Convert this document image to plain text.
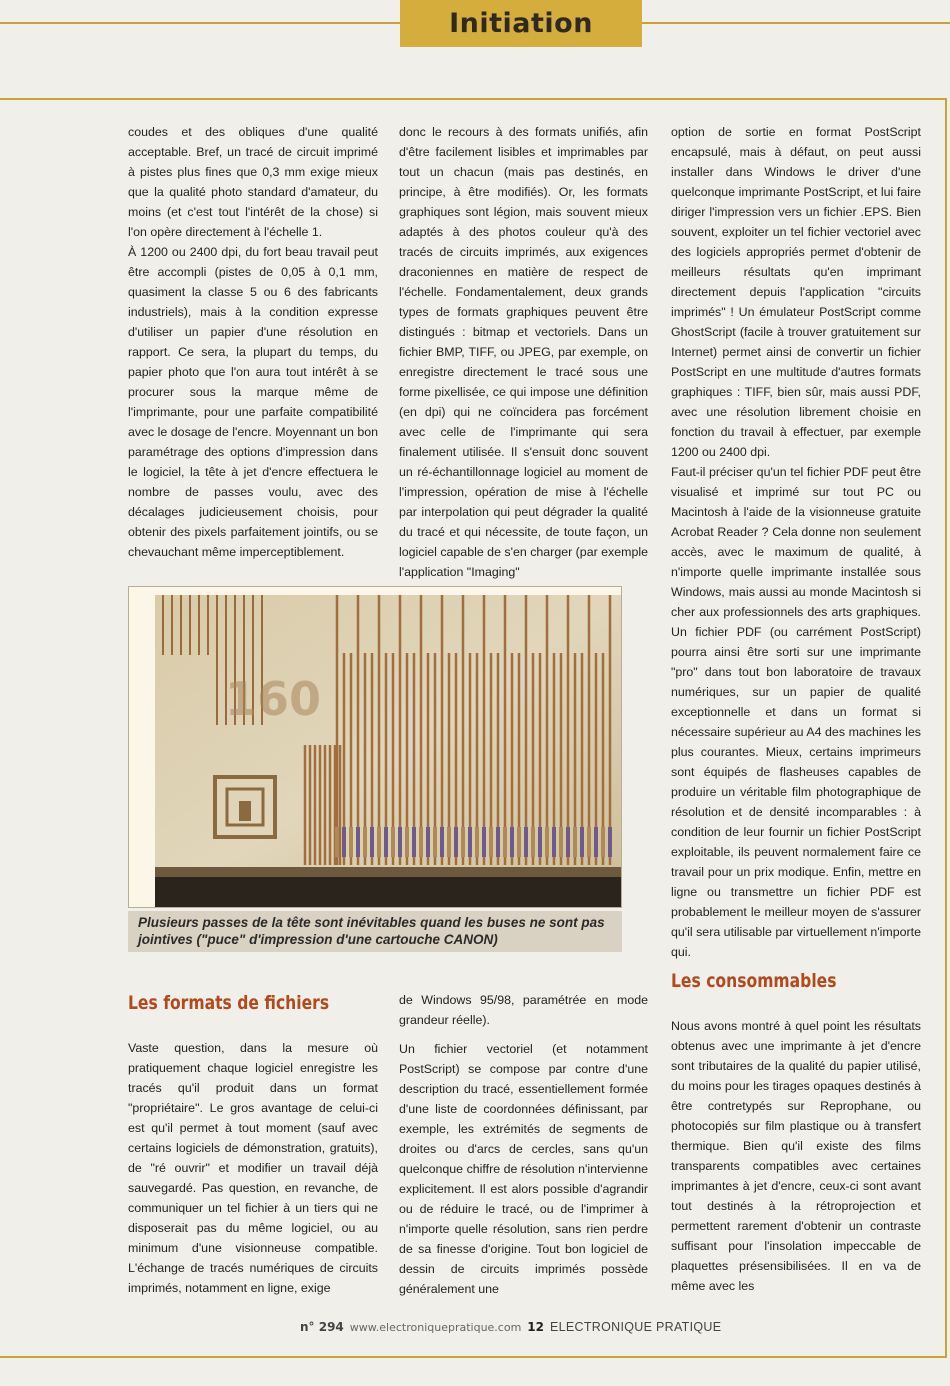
Initiation

coudes et des obliques d'une qualité acceptable. Bref, un tracé de circuit imprimé à pistes plus fines que 0,3 mm exige mieux que la qualité photo standard d'amateur, du moins (et c'est tout l'intérêt de la chose) si l'on opère directement à l'échelle 1.

À 1200 ou 2400 dpi, du fort beau travail peut être accompli (pistes de 0,05 à 0,1 mm, quasiment la classe 5 ou 6 des fabricants industriels), mais à la condition expresse d'utiliser un papier d'une résolution en rapport. Ce sera, la plupart du temps, du papier photo que l'on aura tout intérêt à se procurer sous la marque même de l'imprimante, pour une parfaite compatibilité avec le dosage de l'encre. Moyennant un bon paramétrage des options d'impression dans le logiciel, la tête à jet d'encre effectuera le nombre de passes voulu, avec des décalages judicieusement choisis, pour obtenir des pixels parfaitement jointifs, ou se chevauchant même imperceptiblement.

donc le recours à des formats unifiés, afin d'être facilement lisibles et imprimables par tout un chacun (mais pas destinés, en principe, à être modifiés). Or, les formats graphiques sont légion, mais souvent mieux adaptés à des photos couleur qu'à des tracés de circuits imprimés, aux exigences draconiennes en matière de respect de l'échelle. Fondamentalement, deux grands types de formats graphiques peuvent être distingués : bitmap et vectoriels. Dans un fichier BMP, TIFF, ou JPEG, par exemple, on enregistre directement le tracé sous une forme pixellisée, ce qui impose une définition (en dpi) qui ne coïncidera pas forcément avec celle de l'imprimante qui sera finalement utilisée. Il s'ensuit donc souvent un ré-échantillonnage logiciel au moment de l'impression, opération de mise à l'échelle par interpolation qui peut dégrader la qualité du tracé et qui nécessite, de toute façon, un logiciel capable de s'en charger (par exemple l'application "Imaging"

option de sortie en format PostScript encapsulé, mais à défaut, on peut aussi installer dans Windows le driver d'une quelconque imprimante PostScript, et lui faire diriger l'impression vers un fichier .EPS. Bien souvent, exploiter un tel fichier vectoriel avec des logiciels appropriés permet d'obtenir de meilleurs résultats qu'en imprimant directement depuis l'application "circuits imprimés" ! Un émulateur PostScript comme GhostScript (facile à trouver gratuitement sur Internet) permet ainsi de convertir un fichier PostScript en une multitude d'autres formats graphiques : TIFF, bien sûr, mais aussi PDF, avec une résolution librement choisie en fonction du travail à effectuer, par exemple 1200 ou 2400 dpi.

Faut-il préciser qu'un tel fichier PDF peut être visualisé et imprimé sur tout PC ou Macintosh à l'aide de la visionneuse gratuite Acrobat Reader ? Cela donne non seulement accès, avec le maximum de qualité, à n'importe quelle imprimante installée sous Windows, mais aussi au monde Macintosh si cher aux professionnels des arts graphiques. Un fichier PDF (ou carrément PostScript) pourra ainsi être sorti sur une imprimante "pro" dans tout bon laboratoire de travaux numériques, sur un papier de qualité exceptionnelle et dans un format si nécessaire supérieur au A4 des machines les plus courantes. Mieux, certains imprimeurs sont équipés de flasheuses capables de produire un véritable film photographique de résolution et de densité incomparables : à condition de leur fournir un fichier PostScript exploitable, ils peuvent normalement faire ce travail pour un prix modique. Enfin, mettre en ligne ou transmettre un fichier PDF est probablement le meilleur moyen de s'assurer qu'il sera utilisable par virtuellement n'importe qui.

160
Plusieurs passes de la tête sont inévitables quand les buses ne sont pas jointives ("puce" d'impression d'une cartouche CANON)
Les formats de fichiers

Vaste question, dans la mesure où pratiquement chaque logiciel enregistre les tracés qu'il produit dans un format "propriétaire". Le gros avantage de celui-ci est qu'il permet à tout moment (sauf avec certains logiciels de démonstration, gratuits), de "ré ouvrir" et modifier un travail déjà sauvegardé. Pas question, en revanche, de communiquer un tel fichier à un tiers qui ne disposerait pas du même logiciel, ou au minimum d'une visionneuse compatible. L'échange de tracés numériques de circuits imprimés, notamment en ligne, exige

de Windows 95/98, paramétrée en mode grandeur réelle).

Un fichier vectoriel (et notamment PostScript) se compose par contre d'une description du tracé, essentiellement formée d'une liste de coordonnées définissant, par exemple, les extrémités de segments de droites ou d'arcs de cercles, sans qu'un quelconque chiffre de résolution n'intervienne explicitement. Il est alors possible d'agrandir ou de réduire le tracé, ou de l'imprimer à n'importe quelle résolution, sans rien perdre de sa finesse d'origine. Tout bon logiciel de dessin de circuits imprimés possède généralement une

Les consommables

Nous avons montré à quel point les résultats obtenus avec une imprimante à jet d'encre sont tributaires de la qualité du papier utilisé, du moins pour les tirages opaques destinés à être contretypés sur Reprophane, ou photocopiés sur film plastique ou à transfert thermique. Bien qu'il existe des films transparents compatibles avec certaines imprimantes à jet d'encre, ceux-ci sont avant tout destinés à la rétroprojection et permettent rarement d'obtenir un contraste suffisant pour l'insolation impeccable de plaquettes présensibilisées. Il en va de même avec les

n° 294 www.electroniquepratique.com 12 ELECTRONIQUE PRATIQUE
